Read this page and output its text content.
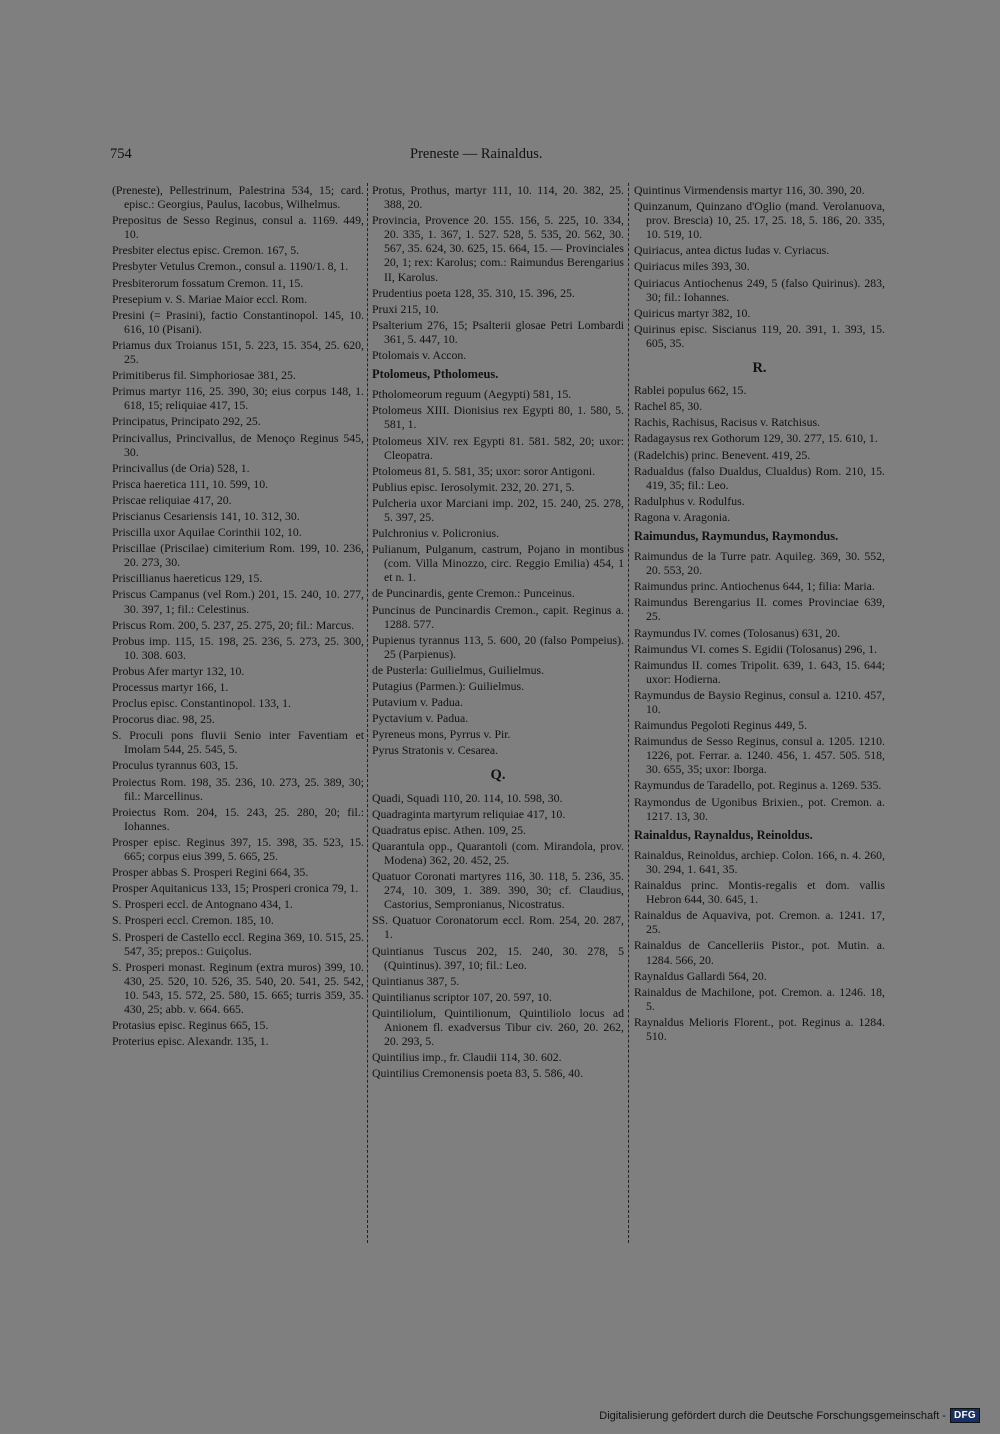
754	Preneste — Rainaldus.
(Preneste), Pellestrinum, Palestrina 534, 15; card. episc.: Georgius, Paulus, Iacobus, Wilhelmus.
Prepositus de Sesso Reginus, consul a. 1169. 449, 10.
Presbiter electus episc. Cremon. 167, 5.
Presbyter Vetulus Cremon., consul a. 1190/1. 8, 1.
Presbiterorum fossatum Cremon. 11, 15.
Presepium v. S. Mariae Maior eccl. Rom.
Presini (= Prasini), factio Constantinopol. 145, 10. 616, 10 (Pisani).
Priamus dux Troianus 151, 5. 223, 15. 354, 25. 620, 25.
Primitiberus fil. Simphoriosae 381, 25.
Primus martyr 116, 25. 390, 30; eius corpus 148, 1. 618, 15; reliquiae 417, 15.
Principatus, Principato 292, 25.
Princivallus, Princivallus, de Menoço Reginus 545, 30.
Princivallus (de Oria) 528, 1.
Prisca haeretica 111, 10. 599, 10.
Priscae reliquiae 417, 20.
Priscianus Cesariensis 141, 10. 312, 30.
Priscilla uxor Aquilae Corinthii 102, 10.
Priscillae (Priscilae) cimiterium Rom. 199, 10. 236, 20. 273, 30.
Priscillianus haereticus 129, 15.
Priscus Campanus (vel Rom.) 201, 15. 240, 10. 277, 30. 397, 1; fil.: Celestinus.
Priscus Rom. 200, 5. 237, 25. 275, 20; fil.: Marcus.
Probus imp. 115, 15. 198, 25. 236, 5. 273, 25. 300, 10. 308. 603.
Probus Afer martyr 132, 10.
Processus martyr 166, 1.
Proclus episc. Constantinopol. 133, 1.
Procorus diac. 98, 25.
S. Proculi pons fluvii Senio inter Faventiam et Imolam 544, 25. 545, 5.
Proculus tyrannus 603, 15.
Proiectus Rom. 198, 35. 236, 10. 273, 25. 389, 30; fil.: Marcellinus.
Proiectus Rom. 204, 15. 243, 25. 280, 20; fil.: Iohannes.
Prosper episc. Reginus 397, 15. 398, 35. 523, 15. 665; corpus eius 399, 5. 665, 25.
Prosper abbas S. Prosperi Regini 664, 35.
Prosper Aquitanicus 133, 15; Prosperi cronica 79, 1.
S. Prosperi eccl. de Antognano 434, 1.
S. Prosperi eccl. Cremon. 185, 10.
S. Prosperi de Castello eccl. Regina 369, 10. 515, 25. 547, 35; prepos.: Guiçolus.
S. Prosperi monast. Reginum (extra muros) 399, 10. 430, 25. 520, 10. 526, 35. 540, 20. 541, 25. 542, 10. 543, 15. 572, 25. 580, 15. 665; turris 359, 35. 430, 25; abb. v. 664. 665.
Protasius episc. Reginus 665, 15.
Proterius episc. Alexandr. 135, 1.
Protus, Prothus, martyr 111, 10. 114, 20. 382, 25. 388, 20.
Provincia, Provence 20. 155. 156, 5. 225, 10. 334, 20. 335, 1. 367, 1. 527. 528, 5. 535, 20. 562, 30. 567, 35. 624, 30. 625, 15. 664, 15. — Provinciales 20, 1; rex: Karolus; com.: Raimundus Berengarius II, Karolus.
Prudentius poeta 128, 35. 310, 15. 396, 25.
Pruxi 215, 10.
Psalterium 276, 15; Psalterii glosae Petri Lombardi 361, 5. 447, 10.
Ptolomais v. Accon.
Ptolomeus, Ptholomeus.
Ptholomeorum reguum (Aegypti) 581, 15.
Ptolomeus XIII. Dionisius rex Egypti 80, 1. 580, 5. 581, 1.
Ptolomeus XIV. rex Egypti 81. 581. 582, 20; uxor: Cleopatra.
Ptolomeus 81, 5. 581, 35; uxor: soror Antigoni.
Publius episc. Ierosolymit. 232, 20. 271, 5.
Pulcheria uxor Marciani imp. 202, 15. 240, 25. 278, 5. 397, 25.
Pulchronius v. Policronius.
Pulianum, Pulganum, castrum, Pojano in montibus (com. Villa Minozzo, circ. Reggio Emilia) 454, 1 et n. 1.
de Puncinardis, gente Cremon.: Punceinus.
Puncinus de Puncinardis Cremon., capit. Reginus a. 1288. 577.
Pupienus tyrannus 113, 5. 600, 20 (falso Pompeius). 25 (Parpienus).
de Pusterla: Guilielmus, Guilielmus.
Putagius (Parmen.): Guilielmus.
Putavium v. Padua.
Pyctavium v. Padua.
Pyreneus mons, Pyrrus v. Pir.
Pyrus Stratonis v. Cesarea.
Q.
Quadi, Squadi 110, 20. 114, 10. 598, 30.
Quadraginta martyrum reliquiae 417, 10.
Quadratus episc. Athen. 109, 25.
Quarantula opp., Quarantoli (com. Mirandola, prov. Modena) 362, 20. 452, 25.
Quatuor Coronati martyres 116, 30. 118, 5. 236, 35. 274, 10. 309, 1. 389. 390, 30; cf. Claudius, Castorius, Sempronianus, Nicostratus.
SS. Quatuor Coronatorum eccl. Rom. 254, 20. 287, 1.
Quintianus Tuscus 202, 15. 240, 30. 278, 5 (Quintinus). 397, 10; fil.: Leo.
Quintianus 387, 5.
Quintilianus scriptor 107, 20. 597, 10.
Quintiliolum, Quintilionum, Quintiliolo locus ad Anionem fl. exadversus Tibur civ. 260, 20. 262, 20. 293, 5.
Quintilius imp., fr. Claudii 114, 30. 602.
Quintilius Cremonensis poeta 83, 5. 586, 40.
Quintinus Virmendensis martyr 116, 30. 390, 20.
Quinzanum, Quinzano d'Oglio (mand. Verolanuova, prov. Brescia) 10, 25. 17, 25. 18, 5. 186, 20. 335, 10. 519, 10.
Quiriacus, antea dictus Iudas v. Cyriacus.
Quiriacus miles 393, 30.
Quiriacus Antiochenus 249, 5 (falso Quirinus). 283, 30; fil.: Iohannes.
Quiricus martyr 382, 10.
Quirinus episc. Siscianus 119, 20. 391, 1. 393, 15. 605, 35.
R.
Rablei populus 662, 15.
Rachel 85, 30.
Rachis, Rachisus, Racisus v. Ratchisus.
Radagaysus rex Gothorum 129, 30. 277, 15. 610, 1.
(Radelchis) princ. Benevent. 419, 25.
Radualdus (falso Dualdus, Clualdus) Rom. 210, 15. 419, 35; fil.: Leo.
Radulphus v. Rodulfus.
Ragona v. Aragonia.
Raimundus, Raymundus, Raymondus.
Raimundus de la Turre patr. Aquileg. 369, 30. 552, 20. 553, 20.
Raimundus princ. Antiochenus 644, 1; filia: Maria.
Raimundus Berengarius II. comes Provinciae 639, 25.
Raymundus IV. comes (Tolosanus) 631, 20.
Raimundus VI. comes S. Egidii (Tolosanus) 296, 1.
Raimundus II. comes Tripolit. 639, 1. 643, 15. 644; uxor: Hodierna.
Raymundus de Baysio Reginus, consul a. 1210. 457, 10.
Raimundus Pegoloti Reginus 449, 5.
Raimundus de Sesso Reginus, consul a. 1205. 1210. 1226, pot. Ferrar. a. 1240. 456, 1. 457. 505. 518, 30. 655, 35; uxor: Iborga.
Raymundus de Taradello, pot. Reginus a. 1269. 535.
Raymondus de Ugonibus Brixien., pot. Cremon. a. 1217. 13, 30.
Rainaldus, Raynaldus, Reinoldus.
Rainaldus, Reinoldus, archiep. Colon. 166, n. 4. 260, 30. 294, 1. 641, 35.
Rainaldus princ. Montis-regalis et dom. vallis Hebron 644, 30. 645, 1.
Rainaldus de Aquaviva, pot. Cremon. a. 1241. 17, 25.
Rainaldus de Cancelleriis Pistor., pot. Mutin. a. 1284. 566, 20.
Raynaldus Gallardi 564, 20.
Rainaldus de Machilone, pot. Cremon. a. 1246. 18, 5.
Raynaldus Melioris Florent., pot. Reginus a. 1284. 510.
Digitalisierung gefördert durch die Deutsche Forschungsgemeinschaft - DFG
